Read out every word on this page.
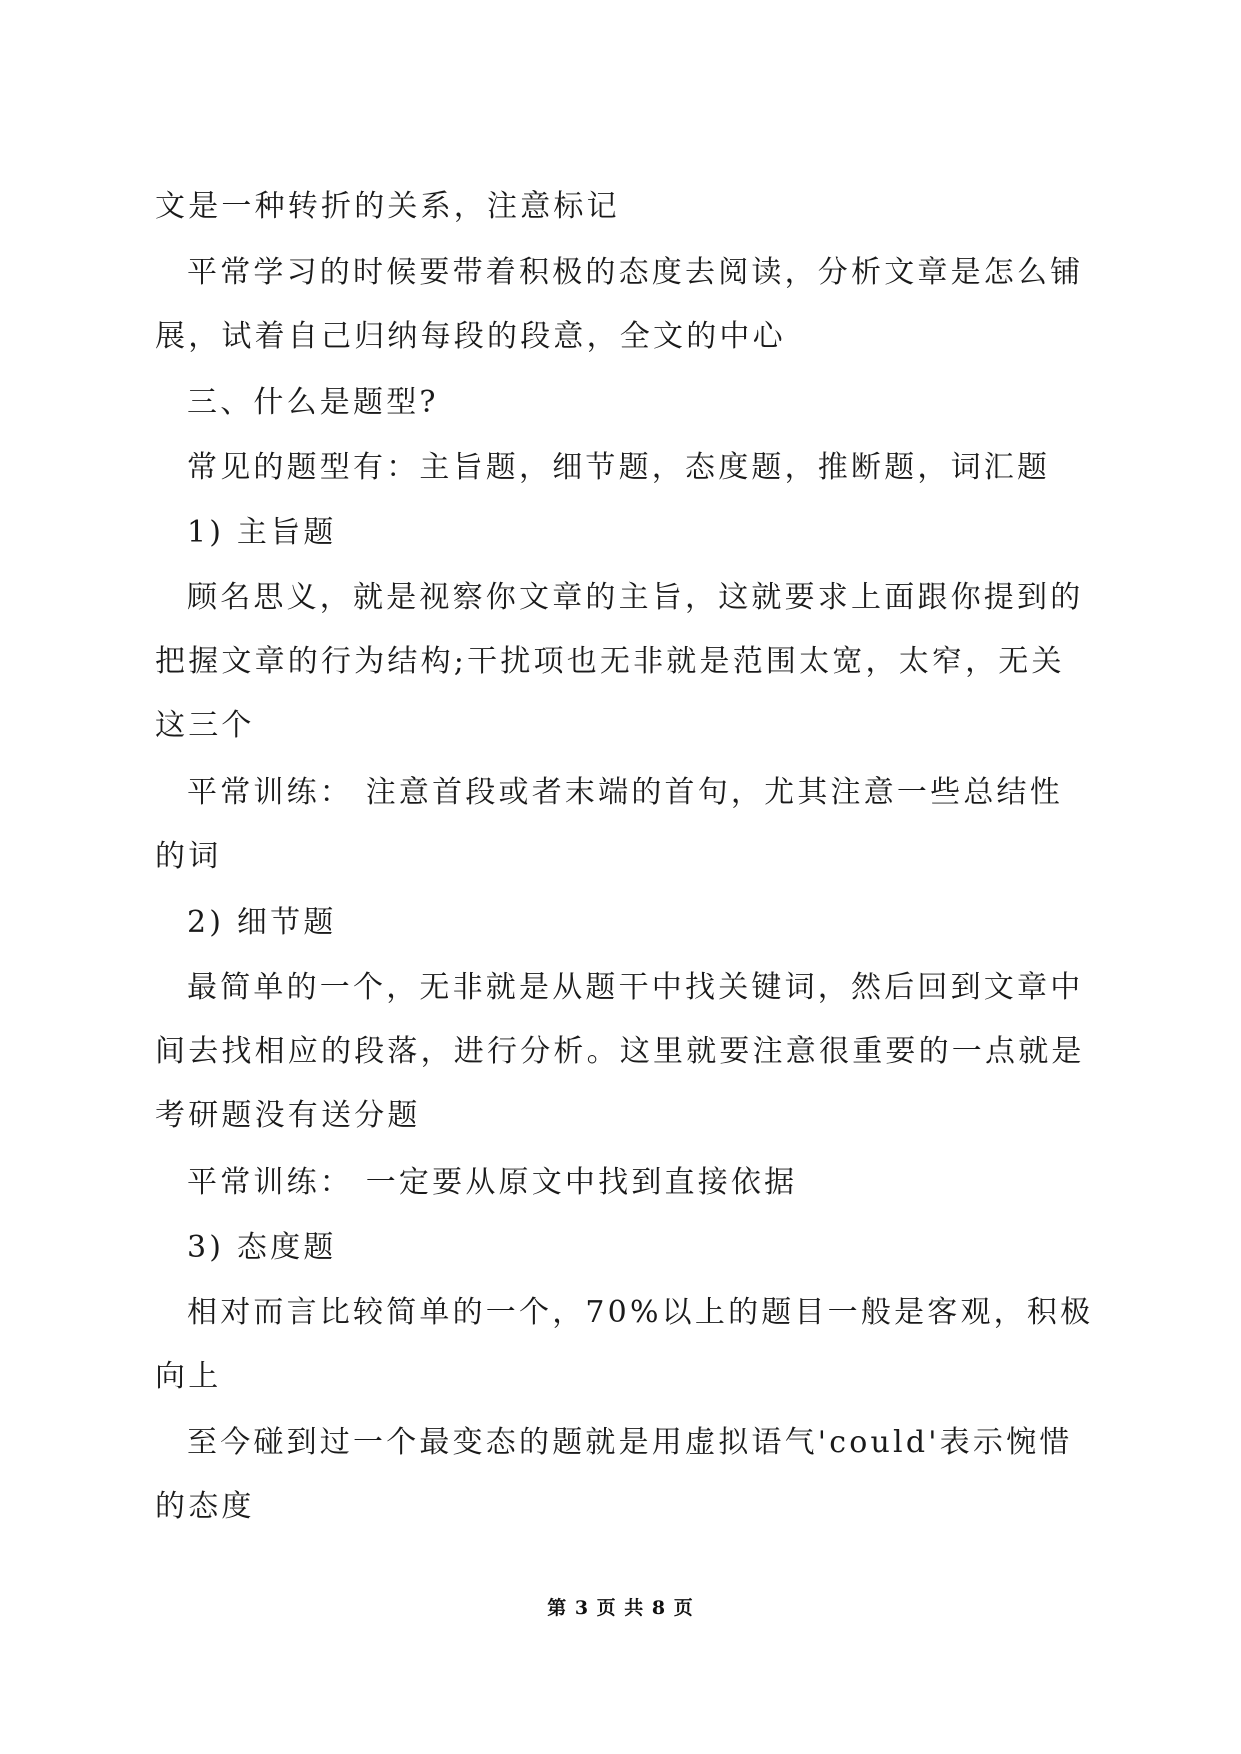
文是一种转折的关系，注意标记

平常学习的时候要带着积极的态度去阅读，分析文章是怎么铺展，试着自己归纳每段的段意，全文的中心

三、什么是题型?

常见的题型有：主旨题，细节题，态度题，推断题，词汇题

1) 主旨题

顾名思义，就是视察你文章的主旨，这就要求上面跟你提到的把握文章的行为结构;干扰项也无非就是范围太宽，太窄，无关这三个

平常训练： 注意首段或者末端的首句，尤其注意一些总结性的词

2) 细节题

最简单的一个，无非就是从题干中找关键词，然后回到文章中间去找相应的段落，进行分析。这里就要注意很重要的一点就是考研题没有送分题

平常训练： 一定要从原文中找到直接依据

3) 态度题

相对而言比较简单的一个，70%以上的题目一般是客观，积极向上

至今碰到过一个最变态的题就是用虚拟语气'could'表示惋惜的态度

第 3 页 共 8 页
